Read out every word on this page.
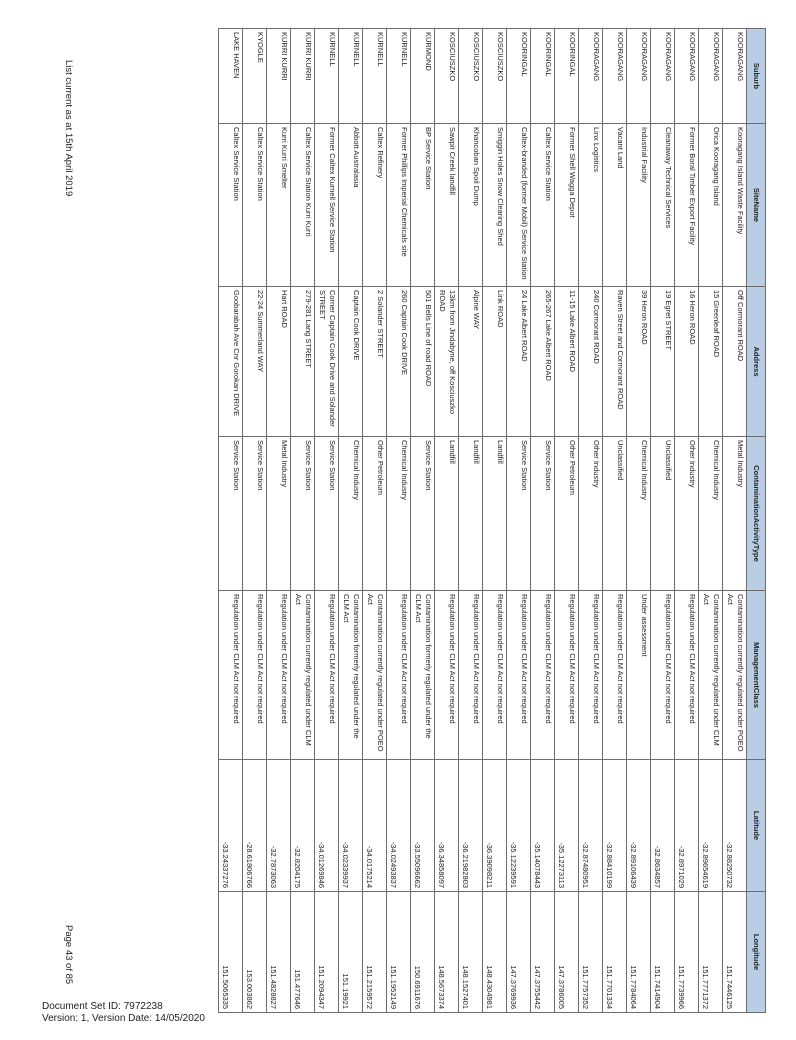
Suburb	SiteName	Address	ContaminationActivityType	ManagementClass	Latitude	Longitude
KOORAGANG	Kooragang Island Waste Facility	Off Cormorant ROAD	Metal Industry	Contamination currently regulated under POEO Act	-32.88250732	151.7446125
KOORAGANG	Orica Kooragang Island	15 Greenleaf ROAD	Chemical Industry	Contamination currently regulated under CLM Act	-32.89654619	151.7771372
KOORAGANG	Former Boral Timber Export Facility	16 Heron ROAD	Other Industry	Regulation under CLM Act not required	-32.8971029	151.7739966
KOORAGANG	Cleanaway Technical Services	19 Egret STREET	Unclassified	Regulation under CLM Act not required	-32.8634857	151.7414904
KOORAGANG	Industrial Facility	39 Heron ROAD	Chemical Industry	Under assessment	-32.89106439	151.7784064
KOORAGANG	Vacant Land	Raven Street and Cormorant ROAD	Unclassified	Regulation under CLM Act not required	-32.88410199	151.7701334
KOORAGANG	Linx Logistics	240 Cormorant ROAD	Other Industry	Regulation under CLM Act not required	-32.87480951	151.7757352
KOORINGAL	Former Shell Wagga Depot	11-15 Lake Albert ROAD	Other Petroleum	Regulation under CLM Act not required	-35.12273113	147.3786005
KOORINGAL	Caltex Service Station	265-267 Lake Albert ROAD	Service Station	Regulation under CLM Act not required	-35.14078443	147.3755442
KOORINGAL	Caltex-branded (former Mobil) Service Station	24 Lake Albert ROAD	Service Station	Regulation under CLM Act not required	-35.12239591	147.3769936
KOSCIUSZKO	Smiggin Holes Snow Clearing Shed	Link ROAD	Landfill	Regulation under CLM Act not required	-36.39098211	148.4304981
KOSCIUSZKO	Khancoban Spoil Dump	Alpine WAY	Landfill	Regulation under CLM Act not required	-36.21982803	148.1527401
KOSCIUSZKO	Sawpit Creek landfill	13km from Jindabyne, off Kosciuszko ROAD	Landfill	Regulation under CLM Act not required	-36.34858097	148.5673374
KURMOND	BP Service Station	501 Bells Line of road ROAD	Service Station	Contamination formerly regulated under the CLM Act	-33.55096662	150.6911676
KURNELL	Former Phillips Imperial Chemicals site	260 Captain Cook DRIVE	Chemical Industry	Regulation under CLM Act not required	-34.02493837	151.1952149
KURNELL	Caltex Refinery	2 Solander STREET	Other Petroleum	Contamination currently regulated under POEO Act	-34.0175214	151.2159572
KURNELL	Abbott Australasia	Captain Cook DRIVE	Chemical Industry	Contamination formerly regulated under the CLM Act	-34.02339937	151.19921
KURNELL	Former Caltex Kurnell Service Station	Corner Captain Cook Drive and Solander STREET	Service Station	Regulation under CLM Act not required	-34.01269846	151.2094347
KURRI KURRI	Caltex Service Station Kurri Kurri	279-281 Lang STREET	Service Station	Contamination currently regulated under CLM Act	-32.8204175	151.477646
KURRI KURRI	Kurri Kurri Smelter	Hart ROAD	Metal Industry	Regulation under CLM Act not required	-32.7873063	151.4828827
KYOGLE	Caltex Service Station	22-24 Summerland WAY	Service Station	Regulation under CLM Act not required	-28.61806766	153.003862
LAKE HAVEN	Caltex Service Station	Goobarabah Ave Cnr Gorokan DRIVE	Service Station	Regulation under CLM Act not required	-33.24337276	151.5065335
List current as at 15th April 2019
Page 43 of 85
Document Set ID: 7972238
Version: 1, Version Date: 14/05/2020
